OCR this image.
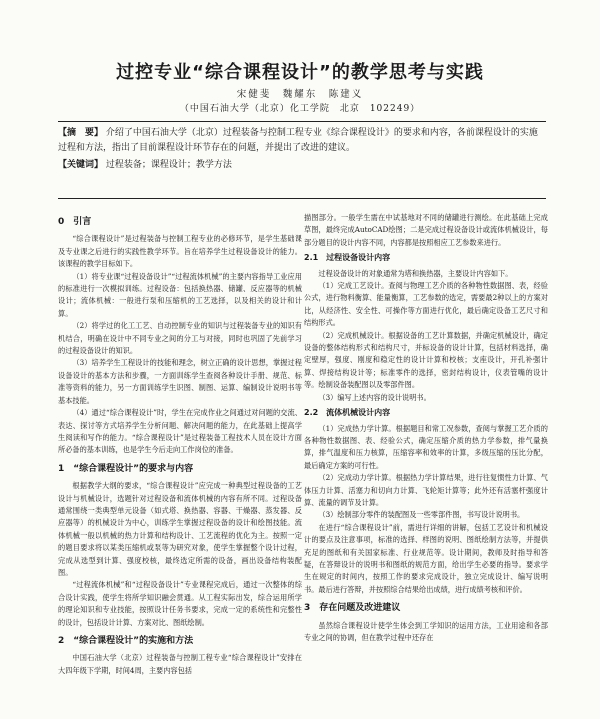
过控专业“综合课程设计”的教学思考与实践
宋健斐　魏耀东　陈建义
（中国石油大学（北京）化工学院　北京　102249）
【摘　要】 介绍了中国石油大学（北京）过程装备与控制工程专业《综合课程设计》的要求和内容，各前课程设计的实施过程和方法，指出了目前课程设计环节存在的问题，并提出了改进的建议。
【关键词】 过程装备；课程设计；教学方法
0　引言

“综合课程设计”是过程装备与控制工程专业的必修环节，是学生基础课及专业课之后进行的实践性教学环节。旨在培养学生过程设备设计的能力。该课程的教学目标如下。

（1）将专业课“过程设备设计”“过程流体机械”的主要内容指导工业应用的标准进行一次模拟训练。过程设备：包括换热器、储罐、反应器等的机械设计；流体机械：一般进行泵和压缩机的工艺选择，以及相关的设计和计算。

（2）将学过的化工工艺、自动控制专业的知识与过程装备专业的知识有机结合，明确在设计中不同专业之间的分工与对接，同时也巩固了先前学习的过程设备设计的知识。

（3）培养学生工程设计的技能和理念，树立正确的设计思想，掌握过程设备设计的基本方法和步骤，一方面训练学生查阅各种设计手册、规范、标准等资料的能力，另一方面训练学生识图、制图、运算、编制设计说明书等基本技能。

（4）通过“综合课程设计”时，学生在完成作业之间通过对问题的交流、表达、探讨等方式培养学生分析问题、解决问题的能力，在此基础上提高学生阅读和写作的能力。“综合课程设计”是过程装备工程技术人员在设计方面所必备的基本训练，也是学生今后走向工作岗位的准备。

1　“综合课程设计”的要求与内容

根据教学大纲的要求，“综合课程设计”应完成一种典型过程设备的工艺设计与机械设计，选题针对过程设备和流体机械的内容有所不同。过程设备通常围绕一类典型单元设备（如式塔、换热器、容器、干燥器、蒸发器、反应器等）的机械设计为中心，训练学生掌握过程设备的设计和绘图技能。流体机械一般以机械的热力计算和结构设计、工艺流程的优化为主。按照一定的题目要求将以某类压缩机或泵等为研究对象，使学生掌握整个设计过程，完成从选型到计算、强度校核，最终选定所需的设备，画出设备结构装配图。

“过程流体机械”和“过程设备设计”专业课程完成后，通过一次整体的综合设计实践，使学生将所学知识融会贯通。从工程实际出发，综合运用所学的理论知识和专业技能，按照设计任务书要求，完成一定的系统性和完整性的设计，包括设计计算、方案对比、图纸绘制。

2　“综合课程设计”的实施和方法

中国石油大学（北京）过程装备与控制工程专业“综合课程设计”安排在大四年级下学期，时间4周，主要内容包括

描图部分。一般学生需在中试基地对不同的储罐进行测绘。在此基础上完成草图，最终完成AutoCAD绘图；二是完成过程设备设计或流体机械设计，每部分题目的设计内容不同，内容都是按照相应工艺参数来进行。

2.1　过程设备设计内容

过程设备设计的对象通常为塔和换热器，主要设计内容如下。

（1）完成工艺设计。查阅与物理工艺介质的各种物性数据图、表，经验公式，进行物料衡算、能量衡算，工艺参数的选定，需要最2种以上的方案对比，从经济性、安全性、可操作等方面进行优化，最后确定设备工艺尺寸和结构形式。

（2）完成机械设计。根据设备的工艺计算数据，并确定机械设计，确定设备的整体结构形式和结构尺寸，并标设备的设计计算，包括材料选择，确定壁厚，强度、刚度和稳定性的设计计算和校核；支座设计，开孔补强计算、焊接结构设计等；标准零件的选择，密封结构设计，仪表管嘴的设计等。绘制设备装配图以及零部件图。

（3）编写上述内容的设计说明书。

2.2　流体机械设计内容

（1）完成热力学计算。根据题目和常工况参数，查阅与掌握工艺介质的各种物性数据图、表、经验公式，确定压缩介质的热力学参数，排气量换算，排气温度和压力核算，压缩容率和效率的计算，多级压缩的压比分配，最后确定方案的可行性。

（2）完成动力学计算。根据热力学计算结果，进行往复惯性力计算、气体压力计算、活塞力和切向力计算、飞轮矩计算等；此外还有活塞杆强度计算、流量的调节及计算。

（3）绘制部分零件的装配图及一些零部件图，书写设计说明书。

在进行“综合课程设计”前，需进行详细的讲解，包括工艺设计和机械设计的要点及注意事项，标准的选择、样图的说明、图纸绘制方法等，并提供充足的图纸和有关国家标准、行业规范等。设计期间，教师及时指导和答疑，在答辩设计的说明书和图纸的规范方面，给出学生必要的指导。要求学生在规定的时间内，按照工作的要求完成设计，独立完成设计、编写说明书。最后进行答辩，并按照综合结果给出成绩，进行成绩考核和评价。

3　存在问题及改进建议

虽然综合课程设计使学生体会到工学知识的运用方法，工业用途和各部专业之间的协调，但在教学过程中还存在
